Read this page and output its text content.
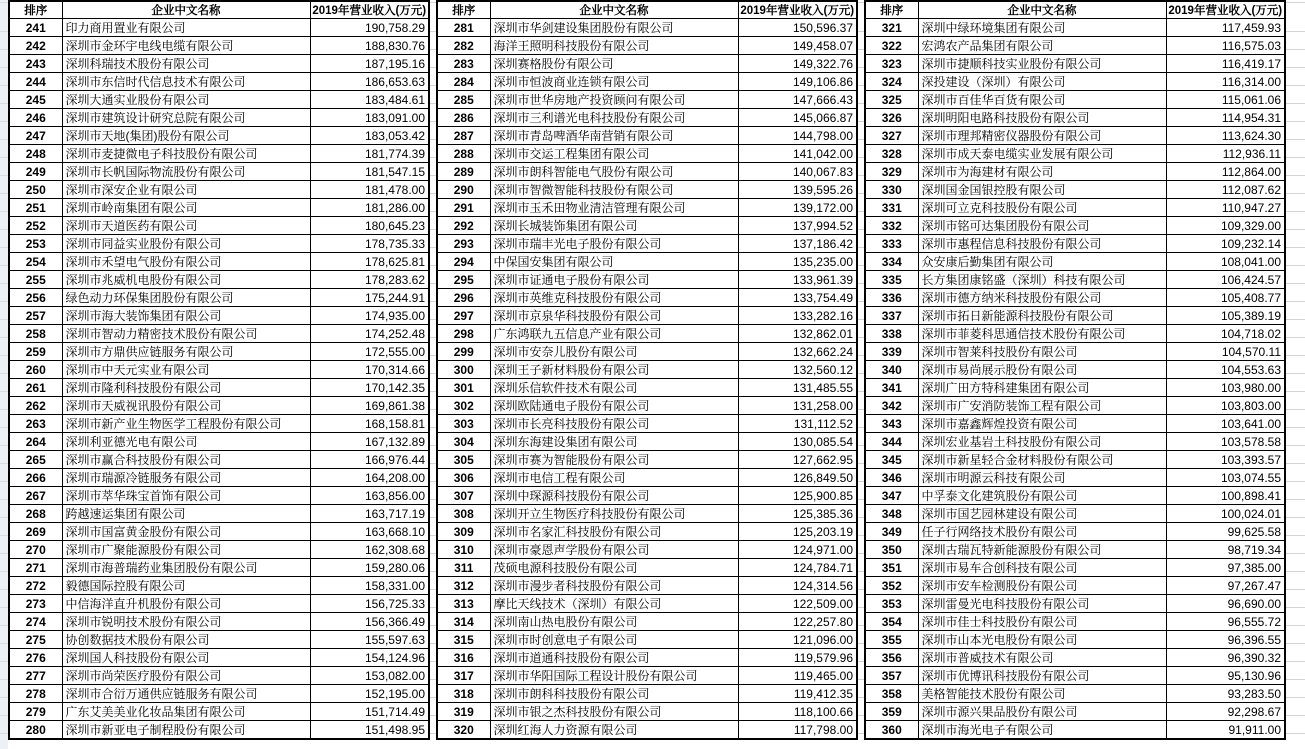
排序	企业中文名称	2019年营业收入(万元)
241	印力商用置业有限公司	190,758.29
242	深圳市金环宇电线电缆有限公司	188,830.76
243	深圳科瑞技术股份有限公司	187,195.16
244	深圳市东信时代信息技术有限公司	186,653.63
245	深圳大通实业股份有限公司	183,484.61
246	深圳市建筑设计研究总院有限公司	183,091.00
247	深圳市天地(集团)股份有限公司	183,053.42
248	深圳市麦捷微电子科技股份有限公司	181,774.39
249	深圳市长帆国际物流股份有限公司	181,547.15
250	深圳市深安企业有限公司	181,478.00
251	深圳市岭南集团有限公司	181,286.00
252	深圳市天道医药有限公司	180,645.23
253	深圳市同益实业股份有限公司	178,735.33
254	深圳市禾望电气股份有限公司	178,625.81
255	深圳市兆威机电股份有限公司	178,283.62
256	绿色动力环保集团股份有限公司	175,244.91
257	深圳市海大装饰集团有限公司	174,935.00
258	深圳市智动力精密技术股份有限公司	174,252.48
259	深圳市方鼎供应链服务有限公司	172,555.00
260	深圳市中天元实业有限公司	170,314.66
261	深圳市隆利科技股份有限公司	170,142.35
262	深圳市天威视讯股份有限公司	169,861.38
263	深圳市新产业生物医学工程股份有限公司	168,158.81
264	深圳利亚德光电有限公司	167,132.89
265	深圳市赢合科技股份有限公司	166,976.44
266	深圳市瑞源冷链服务有限公司	164,208.00
267	深圳市萃华珠宝首饰有限公司	163,856.00
268	跨越速运集团有限公司	163,717.19
269	深圳市国富黄金股份有限公司	163,668.10
270	深圳市广聚能源股份有限公司	162,308.68
271	深圳市海普瑞药业集团股份有限公司	159,280.06
272	毅德国际控股有限公司	158,331.00
273	中信海洋直升机股份有限公司	156,725.33
274	深圳市锐明技术股份有限公司	156,366.49
275	协创数据技术股份有限公司	155,597.63
276	深圳国人科技股份有限公司	154,124.96
277	深圳市尚荣医疗股份有限公司	153,082.00
278	深圳市合衍万通供应链服务有限公司	152,195.00
279	广东艾美美业化妆品集团有限公司	151,714.49
280	深圳市新亚电子制程股份有限公司	151,498.95
排序	企业中文名称	2019年营业收入(万元)
281	深圳市华剑建设集团股份有限公司	150,596.37
282	海洋王照明科技股份有限公司	149,458.07
283	深圳赛格股份有限公司	149,322.76
284	深圳市恒波商业连锁有限公司	149,106.86
285	深圳市世华房地产投资顾问有限公司	147,666.43
286	深圳市三利谱光电科技股份有限公司	145,066.87
287	深圳市青岛啤酒华南营销有限公司	144,798.00
288	深圳市交运工程集团有限公司	141,042.00
289	深圳市朗科智能电气股份有限公司	140,067.83
290	深圳市智微智能科技股份有限公司	139,595.26
291	深圳市玉禾田物业清洁管理有限公司	139,172.00
292	深圳长城装饰集团有限公司	137,994.52
293	深圳市瑞丰光电子股份有限公司	137,186.42
294	中保国安集团有限公司	135,235.00
295	深圳市证通电子股份有限公司	133,961.39
296	深圳市英维克科技股份有限公司	133,754.49
297	深圳市京泉华科技股份有限公司	133,282.16
298	广东鸿联九五信息产业有限公司	132,862.01
299	深圳市安奈儿股份有限公司	132,662.24
300	深圳王子新材料股份有限公司	132,560.12
301	深圳乐信软件技术有限公司	131,485.55
302	深圳欧陆通电子股份有限公司	131,258.00
303	深圳市长亮科技股份有限公司	131,112.52
304	深圳东海建设集团有限公司	130,085.54
305	深圳市赛为智能股份有限公司	127,662.95
306	深圳市电信工程有限公司	126,849.50
307	深圳中琛源科技股份有限公司	125,900.85
308	深圳开立生物医疗科技股份有限公司	125,385.36
309	深圳市名家汇科技股份有限公司	125,203.19
310	深圳市豪恩声学股份有限公司	124,971.00
311	茂硕电源科技股份有限公司	124,784.71
312	深圳市漫步者科技股份有限公司	124,314.56
313	摩比天线技术（深圳）有限公司	122,509.00
314	深圳南山热电股份有限公司	122,257.80
315	深圳市时创意电子有限公司	121,096.00
316	深圳市道通科技股份有限公司	119,579.96
317	深圳市华阳国际工程设计股份有限公司	119,465.00
318	深圳市朗科科技股份有限公司	119,412.35
319	深圳市银之杰科技股份有限公司	118,100.66
320	深圳红海人力资源有限公司	117,798.00
排序	企业中文名称	2019年营业收入(万元)
321	深圳中绿环境集团有限公司	117,459.93
322	宏鸿农产品集团有限公司	116,575.03
323	深圳市捷顺科技实业股份有限公司	116,419.17
324	深投建设（深圳）有限公司	116,314.00
325	深圳市百佳华百货有限公司	115,061.06
326	深圳明阳电路科技股份有限公司	114,954.31
327	深圳市理邦精密仪器股份有限公司	113,624.30
328	深圳市成天泰电缆实业发展有限公司	112,936.11
329	深圳市为海建材有限公司	112,864.00
330	深圳国金国银控股有限公司	112,087.62
331	深圳可立克科技股份有限公司	110,947.27
332	深圳市铭可达集团股份有限公司	109,329.00
333	深圳市惠程信息科技股份有限公司	109,232.14
334	众安康后勤集团有限公司	108,041.00
335	长方集团康铭盛（深圳）科技有限公司	106,424.57
336	深圳市德方纳米科技股份有限公司	105,408.77
337	深圳市拓日新能源科技股份有限公司	105,389.19
338	深圳市菲菱科思通信技术股份有限公司	104,718.02
339	深圳市智莱科技股份有限公司	104,570.11
340	深圳市易尚展示股份有限公司	104,553.63
341	深圳广田方特科建集团有限公司	103,980.00
342	深圳市广安消防装饰工程有限公司	103,803.00
343	深圳市嘉鑫辉煌投资有限公司	103,641.00
344	深圳宏业基岩土科技股份有限公司	103,578.58
345	深圳市新星轻合金材料股份有限公司	103,393.57
346	深圳市明源云科技有限公司	103,074.55
347	中孚泰文化建筑股份有限公司	100,898.41
348	深圳市国艺园林建设有限公司	100,024.01
349	任子行网络技术股份有限公司	99,625.58
350	深圳古瑞瓦特新能源股份有限公司	98,719.34
351	深圳市易车合创科技有限公司	97,385.00
352	深圳市安车检测股份有限公司	97,267.47
353	深圳雷曼光电科技股份有限公司	96,690.00
354	深圳市佳士科技股份有限公司	96,555.72
355	深圳市山本光电股份有限公司	96,396.55
356	深圳市普威技术有限公司	96,390.32
357	深圳市优博讯科技股份有限公司	95,130.96
358	美格智能技术股份有限公司	93,283.50
359	深圳市源兴果品股份有限公司	92,298.67
360	深圳市海光电子有限公司	91,911.00
